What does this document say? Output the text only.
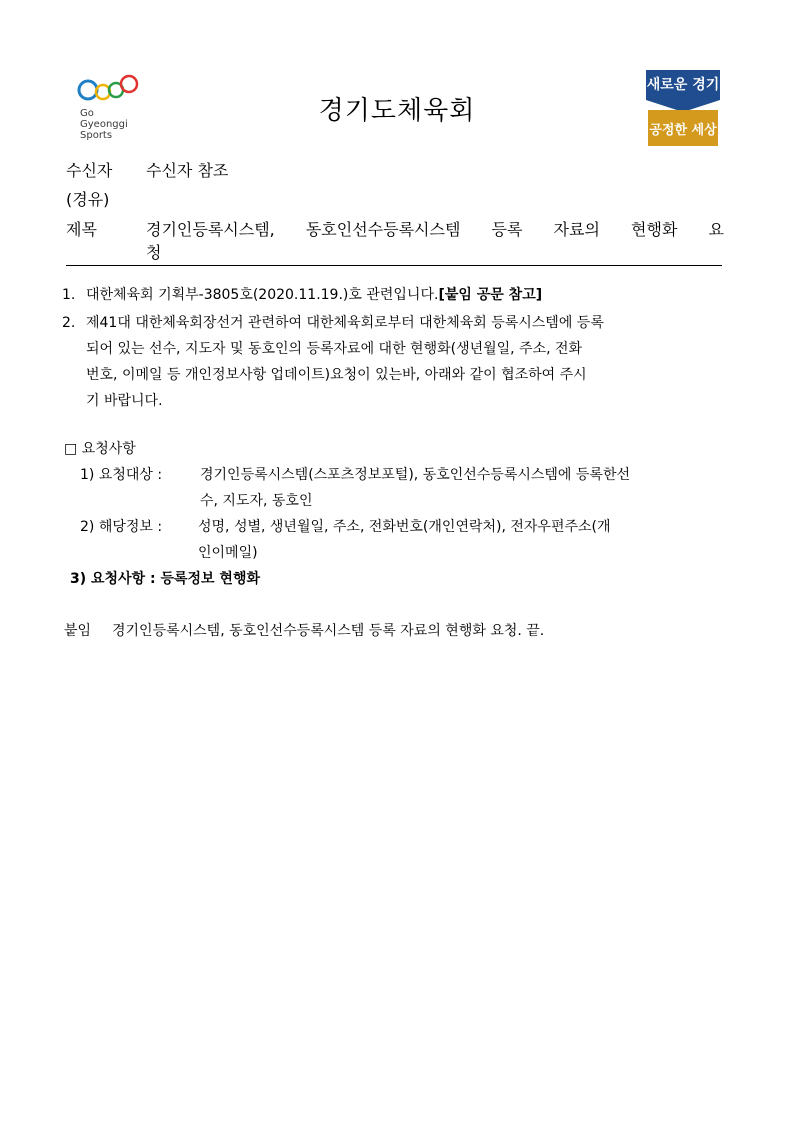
Go
Gyeonggi
Sports
경기도체육회
새로운 경기
공정한 세상
수신자 수신자 참조
(경유)
제목	경기인등록시스템, 동호인선수등록시스템 등록 자료의 현행화 요
청
1. 대한체육회 기획부-3805호(2020.11.19.)호 관련입니다.[붙임 공문 참고]
2. 제41대 대한체육회장선거 관련하여 대한체육회로부터 대한체육회 등록시스템에 등록
되어 있는 선수, 지도자 및 동호인의 등록자료에 대한 현행화(생년월일, 주소, 전화
번호, 이메일 등 개인정보사항 업데이트)요청이 있는바, 아래와 같이 협조하여 주시
기 바랍니다.
□ 요청사항
1) 요청대상 :	경기인등록시스템(스포츠정보포털), 동호인선수등록시스템에 등록한선
수, 지도자, 동호인
2) 해당정보 :	성명, 성별, 생년월일, 주소, 전화번호(개인연락처), 전자우편주소(개
인이메일)
3) 요청사항 : 등록정보 현행화
붙임 경기인등록시스템, 동호인선수등록시스템 등록 자료의 현행화 요청. 끝.
